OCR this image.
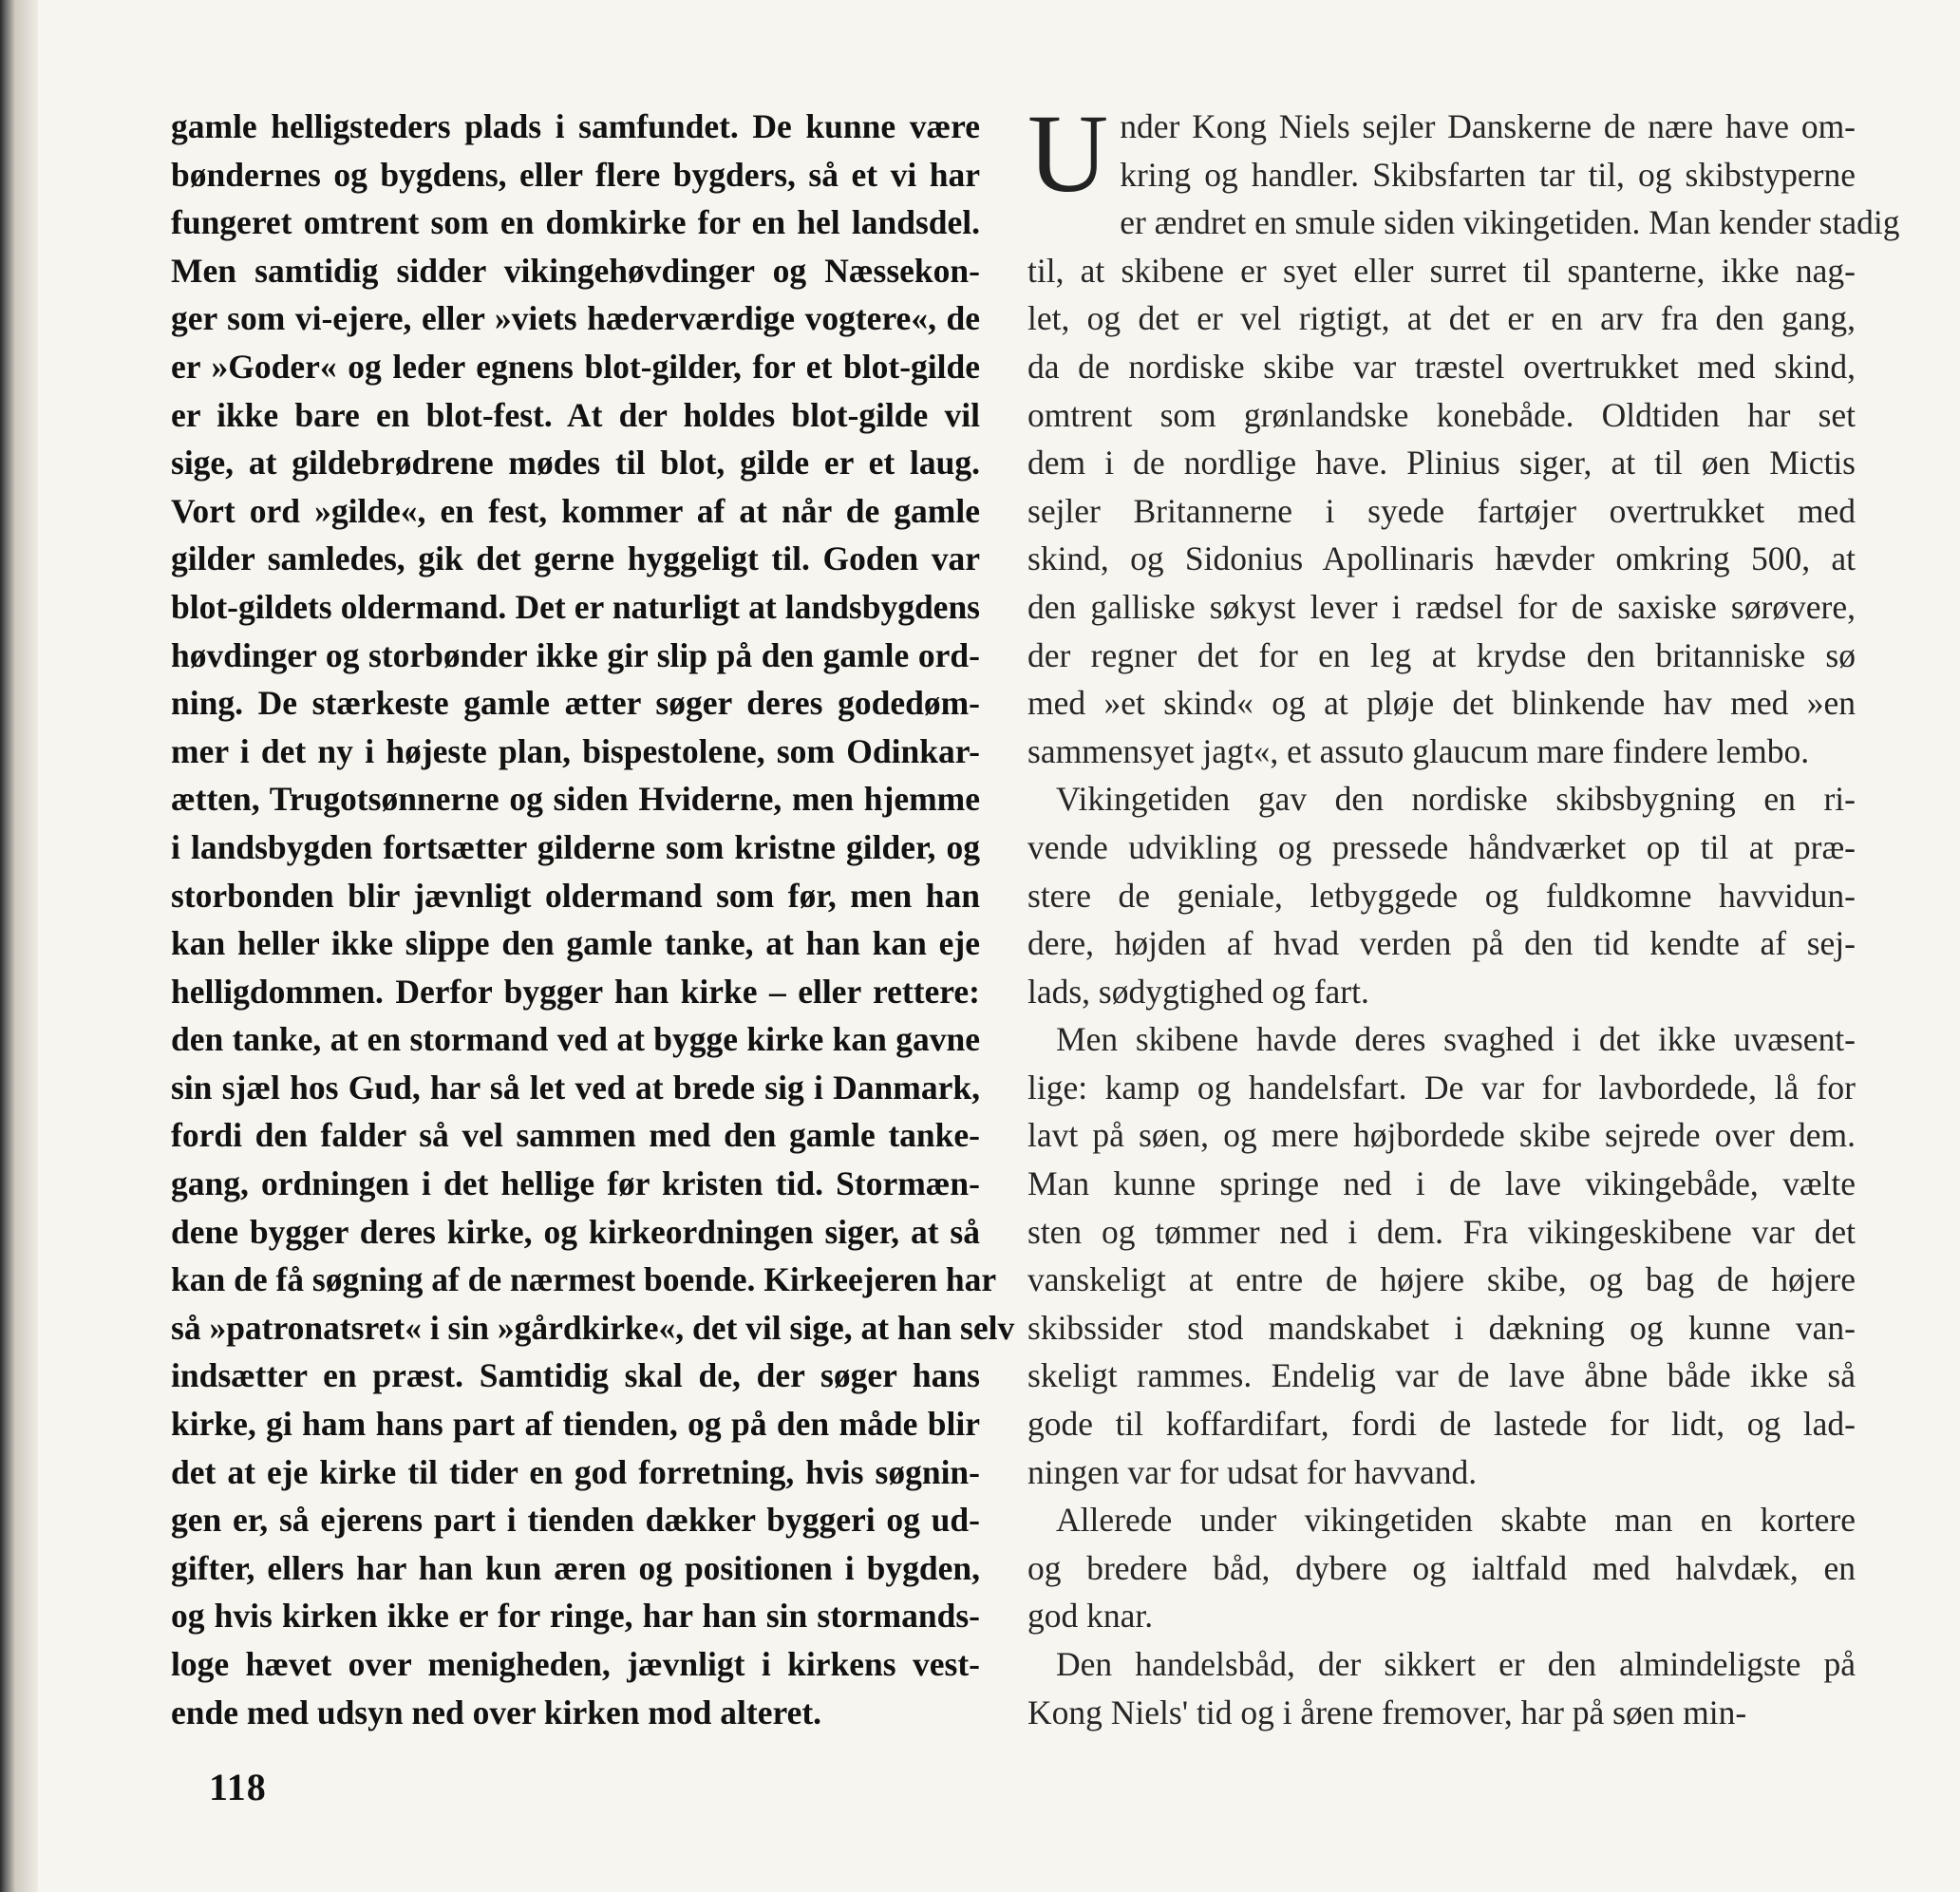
gamle helligsteders plads i samfundet. De kunne være
bøndernes og bygdens, eller flere bygders, så et vi har
fungeret omtrent som en domkirke for en hel landsdel.
Men samtidig sidder vikingehøvdinger og Næssekon-
ger som vi-ejere, eller »viets hæderværdige vogtere«, de
er »Goder« og leder egnens blot-gilder, for et blot-gilde
er ikke bare en blot-fest. At der holdes blot-gilde vil
sige, at gildebrødrene mødes til blot, gilde er et laug.
Vort ord »gilde«, en fest, kommer af at når de gamle
gilder samledes, gik det gerne hyggeligt til. Goden var
blot-gildets oldermand. Det er naturligt at landsbygdens
høvdinger og storbønder ikke gir slip på den gamle ord-
ning. De stærkeste gamle ætter søger deres godedøm-
mer i det ny i højeste plan, bispestolene, som Odinkar-
ætten, Trugotsønnerne og siden Hviderne, men hjemme
i landsbygden fortsætter gilderne som kristne gilder, og
storbonden blir jævnligt oldermand som før, men han
kan heller ikke slippe den gamle tanke, at han kan eje
helligdommen. Derfor bygger han kirke – eller rettere:
den tanke, at en stormand ved at bygge kirke kan gavne
sin sjæl hos Gud, har så let ved at brede sig i Danmark,
fordi den falder så vel sammen med den gamle tanke-
gang, ordningen i det hellige før kristen tid. Stormæn-
dene bygger deres kirke, og kirkeordningen siger, at så
kan de få søgning af de nærmest boende. Kirkeejeren har
så »patronatsret« i sin »gårdkirke«, det vil sige, at han selv
indsætter en præst. Samtidig skal de, der søger hans
kirke, gi ham hans part af tienden, og på den måde blir
det at eje kirke til tider en god forretning, hvis søgnin-
gen er, så ejerens part i tienden dækker byggeri og ud-
gifter, ellers har han kun æren og positionen i bygden,
og hvis kirken ikke er for ringe, har han sin stormands-
loge hævet over menigheden, jævnligt i kirkens vest-
ende med udsyn ned over kirken mod alteret.
U nder Kong Niels sejler Danskerne de nære have om-
kring og handler. Skibsfarten tar til, og skibstyperne
er ændret en smule siden vikingetiden. Man kender stadig
til, at skibene er syet eller surret til spanterne, ikke nag-
let, og det er vel rigtigt, at det er en arv fra den gang,
da de nordiske skibe var træstel overtrukket med skind,
omtrent som grønlandske konebåde. Oldtiden har set
dem i de nordlige have. Plinius siger, at til øen Mictis
sejler Britannerne i syede fartøjer overtrukket med
skind, og Sidonius Apollinaris hævder omkring 500, at
den galliske søkyst lever i rædsel for de saxiske sørøvere,
der regner det for en leg at krydse den britanniske sø
med »et skind« og at pløje det blinkende hav med »en
sammensyet jagt«, et assuto glaucum mare findere lembo.
Vikingetiden gav den nordiske skibsbygning en ri-
vende udvikling og pressede håndværket op til at præ-
stere de geniale, letbyggede og fuldkomne havvidun-
dere, højden af hvad verden på den tid kendte af sej-
lads, sødygtighed og fart.
Men skibene havde deres svaghed i det ikke uvæsent-
lige: kamp og handelsfart. De var for lavbordede, lå for
lavt på søen, og mere højbordede skibe sejrede over dem.
Man kunne springe ned i de lave vikingebåde, vælte
sten og tømmer ned i dem. Fra vikingeskibene var det
vanskeligt at entre de højere skibe, og bag de højere
skibssider stod mandskabet i dækning og kunne van-
skeligt rammes. Endelig var de lave åbne både ikke så
gode til koffardifart, fordi de lastede for lidt, og lad-
ningen var for udsat for havvand.
Allerede under vikingetiden skabte man en kortere
og bredere båd, dybere og ialtfald med halvdæk, en
god knar.
Den handelsbåd, der sikkert er den almindeligste på
Kong Niels' tid og i årene fremover, har på søen min-
118
